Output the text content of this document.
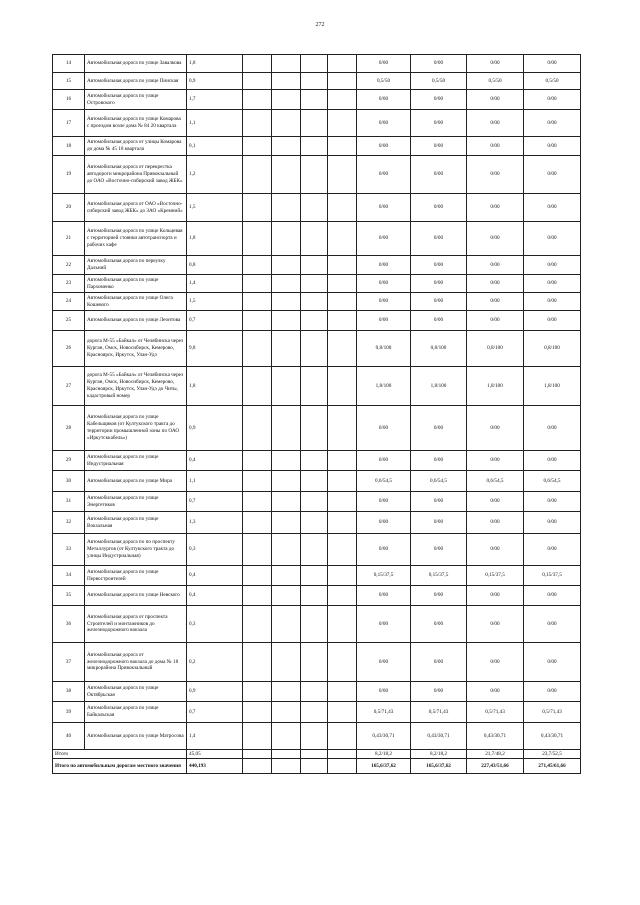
272
14	Автомобильная дорога по улице Завалкова	1,8					0/00	0/00	0/00	0/00
15	Автомобильная дорога по улице Пинская	0,9					0,5/50	0,5/50	0,5/50	0,5/50
16	Автомобильная дорога по улице Островского	1,7					0/00	0/00	0/00	0/00
17	Автомобильная дорога по улице Комарова с проездом возле дома № 84 20 квартала	1,1					0/00	0/00	0/00	0/00
18	Автомобильная дорога от улицы Комарова до дома № 45 18 квартала	0,1					0/00	0/00	0/00	0/00
19	Автомобильная дорога от перекрестка автодороги микрорайона Привокзальный до ОАО «Восточно-сибирский завод ЖБК»	1,2					0/00	0/00	0/00	0/00
20	Автомобильная дорога от ОАО «Восточно-сибирский завод ЖБК» до ЗАО «Кремний»	1,5					0/00	0/00	0/00	0/00
21	Автомобильная дорога по улице Кольцевая с территорией стоянки автотранспорта и рабочих кафе	1,8					0/00	0/00	0/00	0/00
22	Автомобильная дорога по переулку Дальний	0,8					0/00	0/00	0/00	0/00
23	Автомобильная дорога по улице Пархоменко	1,4					0/00	0/00	0/00	0/00
24	Автомобильная дорога по улице Олега Кошевого	1,5					0/00	0/00	0/00	0/00
25	Автомобильная дорога по улице Леонтова	0,7					0/00	0/00	0/00	0/00
26	дорога М-55 «Байкал» от Челябинска через Курган, Омск, Новосибирск, Кемерово, Красноярск, Иркутск, Улан-Удэ	9,8					0,8/100	0,8/100	0,8/100	0,8/100
27	дорога М-55 «Байкал» от Челябинска через Курган, Омск, Новосибирск, Кемерово, Красноярск, Иркутск, Улан-Удэ до Читы, кадастровый номер	1,8					1,8/100	1,8/100	1,8/100	1,8/100
28	Автомобильная дорога по улице Кабельщиков (от Култукского тракта до территории промышленной зоны по ОАО «Иркутсккабель»)	0,9					0/00	0/00	0/00	0/00
29	Автомобильная дорога по улице Индустриальная	0,4					0/00	0/00	0/00	0/00
30	Автомобильная дорога по улице Мира	1,1					0,6/54,5	0,6/54,5	0,6/54,5	0,6/54,5
31	Автомобильная дорога по улице Энергетиков	0,7					0/00	0/00	0/00	0/00
32	Автомобильная дорога по улице Вокзальная	1,3					0/00	0/00	0/00	0/00
33	Автомобильная дорога по по проспекту Металлургов (от Култукского тракта до улицы Индустриальная)	0,3					0/00	0/00	0/00	0/00
34	Автомобильная дорога по улице Первостроителей	0,4					0,15/37,5	0,15/37,5	0,15/37,5	0,15/37,5
35	Автомобильная дорога по улице Невского	0,4					0/00	0/00	0/00	0/00
36	Автомобильная дорога от проспекта Строителей и монтажников до железнодорожного вокзала	0,3					0/00	0/00	0/00	0/00
37	Автомобильная дорога от железнодорожного вокзала до дома № 18 микрорайона Привокзальный	0,2					0/00	0/00	0/00	0/00
38	Автомобильная дорога по улице Октябрьская	0,9					0/00	0/00	0/00	0/00
39	Автомобильная дорога по улице Байкальская	0,7					0,5/71,43	0,5/71,43	0,5/71,43	0,5/71,43
40	Автомобильная дорога по улице Матросова	1,4					0,43/30,71	0,43/30,71	0,43/30,71	0,43/30,71
Итого		45,05					8,2/18,2	8,2/18,2	21,7/48,2	23,7/52,5
Итого по автомобильным дорогам местного значения		440,193					165,6/37,62	165,6/37,62	227,43/51,66	271,45/61,66
